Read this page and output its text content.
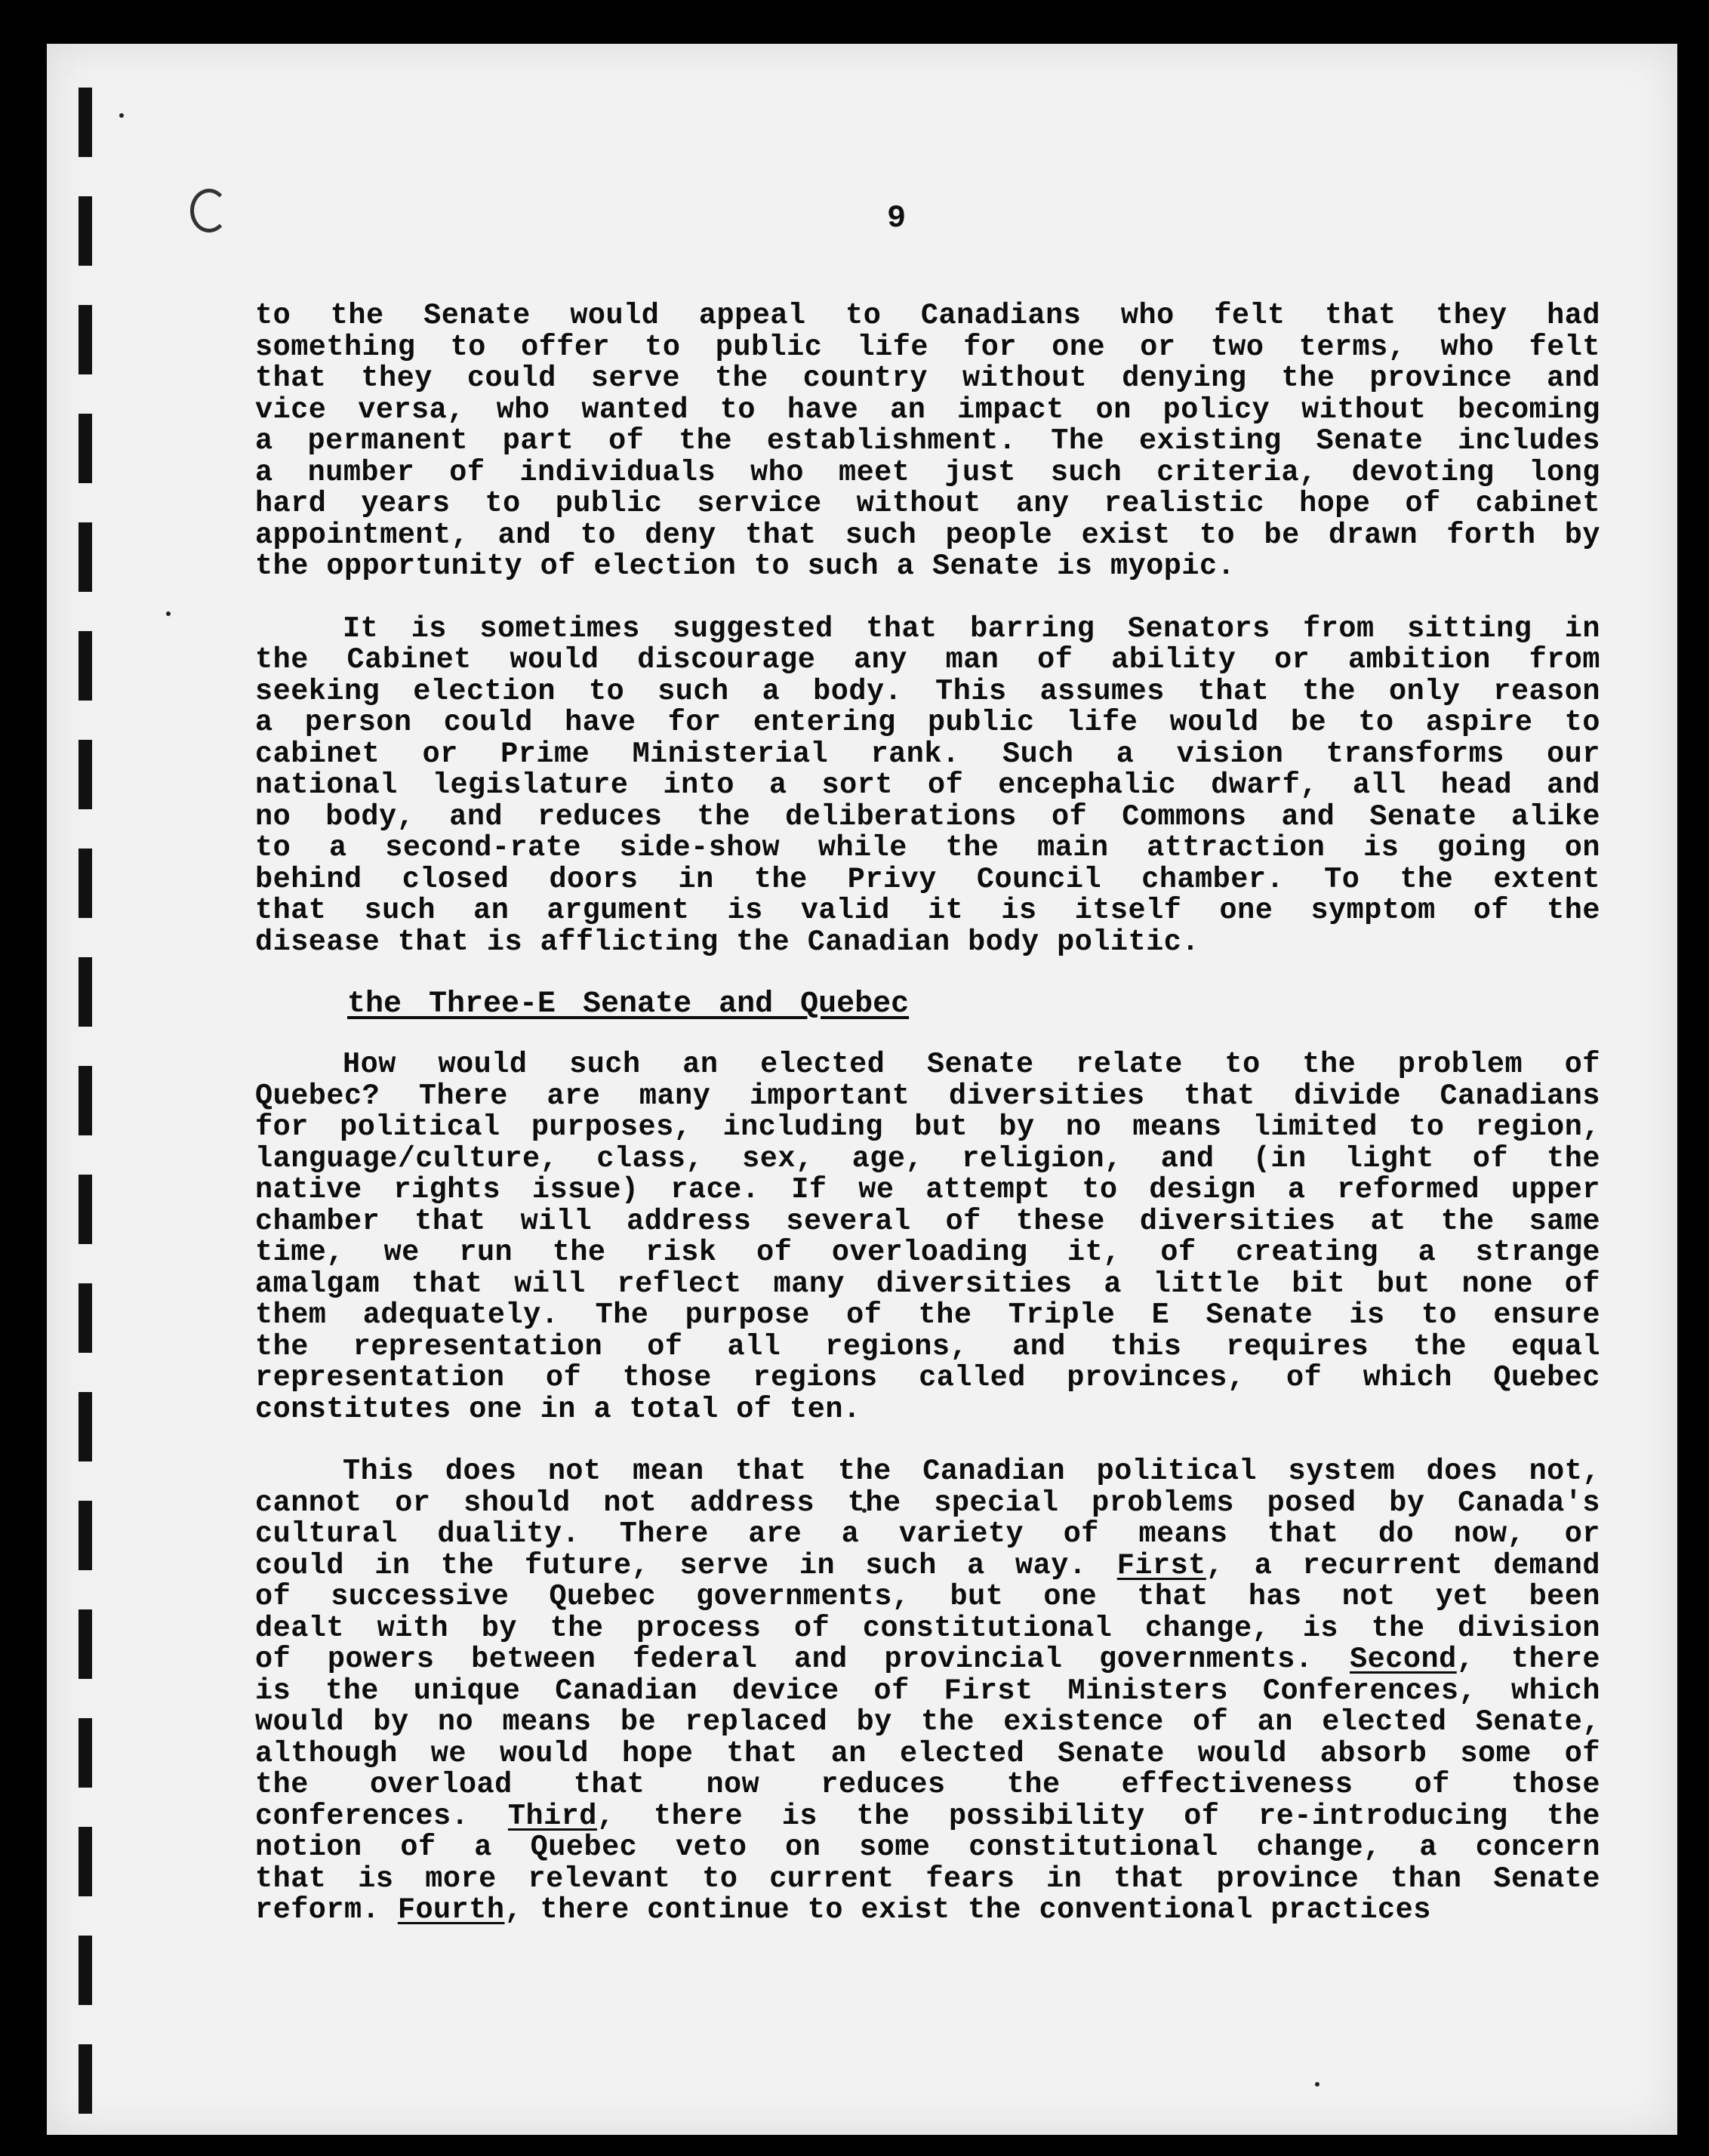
9
to the Senate would appeal to Canadians who felt that they had
something to offer to public life for one or two terms, who felt
that they could serve the country without denying the province and
vice versa, who wanted to have an impact on policy without becoming
a permanent part of the establishment. The existing Senate includes
a number of individuals who meet just such criteria, devoting long
hard years to public service without any realistic hope of cabinet
appointment, and to deny that such people exist to be drawn forth by
the opportunity of election to such a Senate is myopic.
It is sometimes suggested that barring Senators from sitting in
the Cabinet would discourage any man of ability or ambition from
seeking election to such a body. This assumes that the only reason
a person could have for entering public life would be to aspire to
cabinet or Prime Ministerial rank. Such a vision transforms our
national legislature into a sort of encephalic dwarf, all head and
no body, and reduces the deliberations of Commons and Senate alike
to a second-rate side-show while the main attraction is going on
behind closed doors in the Privy Council chamber. To the extent
that such an argument is valid it is itself one symptom of the
disease that is afflicting the Canadian body politic.
the Three-E Senate and Quebec
How would such an elected Senate relate to the problem of
Quebec? There are many important diversities that divide Canadians
for political purposes, including but by no means limited to region,
language/culture, class, sex, age, religion, and (in light of the
native rights issue) race. If we attempt to design a reformed upper
chamber that will address several of these diversities at the same
time, we run the risk of overloading it, of creating a strange
amalgam that will reflect many diversities a little bit but none of
them adequately. The purpose of the Triple E Senate is to ensure
the representation of all regions, and this requires the equal
representation of those regions called provinces, of which Quebec
constitutes one in a total of ten.
This does not mean that the Canadian political system does not,
cannot or should not address the special problems posed by Canada's
cultural duality. There are a variety of means that do now, or
could in the future, serve in such a way. First, a recurrent demand
of successive Quebec governments, but one that has not yet been
dealt with by the process of constitutional change, is the division
of powers between federal and provincial governments. Second, there
is the unique Canadian device of First Ministers Conferences, which
would by no means be replaced by the existence of an elected Senate,
although we would hope that an elected Senate would absorb some of
the overload that now reduces the effectiveness of those
conferences. Third, there is the possibility of re-introducing the
notion of a Quebec veto on some constitutional change, a concern
that is more relevant to current fears in that province than Senate
reform. Fourth, there continue to exist the conventional practices
